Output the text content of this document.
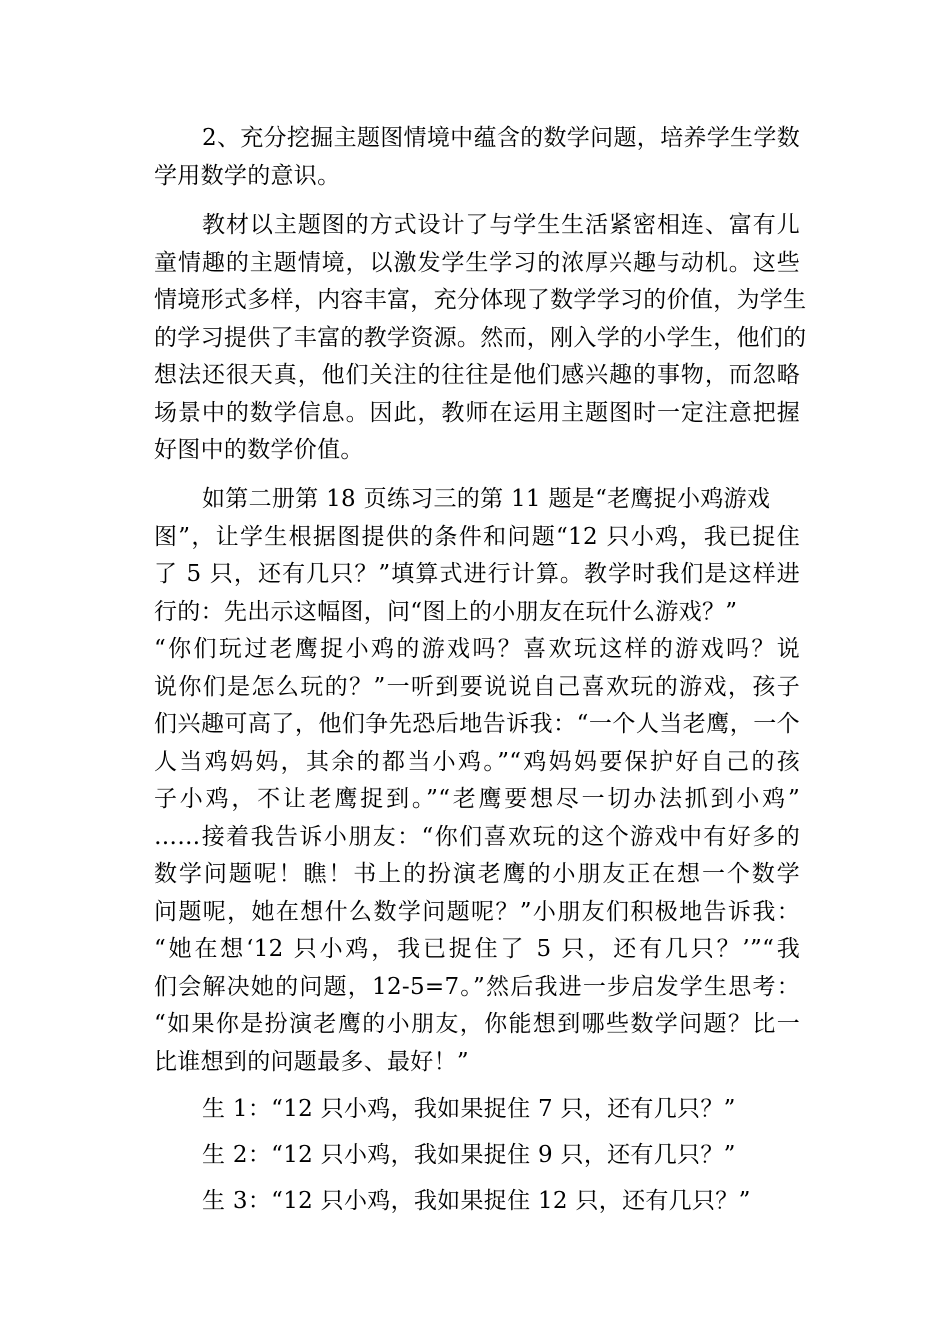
2、充分挖掘主题图情境中蕴含的数学问题，培养学生学数
学用数学的意识。
教材以主题图的方式设计了与学生生活紧密相连、富有儿
童情趣的主题情境，以激发学生学习的浓厚兴趣与动机。这些
情境形式多样，内容丰富，充分体现了数学学习的价值，为学生
的学习提供了丰富的教学资源。然而，刚入学的小学生，他们的
想法还很天真，他们关注的往往是他们感兴趣的事物，而忽略
场景中的数学信息。因此，教师在运用主题图时一定注意把握
好图中的数学价值。
如第二册第 18 页练习三的第 11 题是“老鹰捉小鸡游戏
图”，让学生根据图提供的条件和问题“12 只小鸡，我已捉住
了 5 只，还有几只？”填算式进行计算。教学时我们是这样进
行的：先出示这幅图，问“图上的小朋友在玩什么游戏？”
“你们玩过老鹰捉小鸡的游戏吗？喜欢玩这样的游戏吗？说
说你们是怎么玩的？”一听到要说说自己喜欢玩的游戏，孩子
们兴趣可高了，他们争先恐后地告诉我：“一个人当老鹰，一个
人当鸡妈妈，其余的都当小鸡。”“鸡妈妈要保护好自己的孩
子小鸡，不让老鹰捉到。”“老鹰要想尽一切办法抓到小鸡”
……接着我告诉小朋友：“你们喜欢玩的这个游戏中有好多的
数学问题呢！瞧！书上的扮演老鹰的小朋友正在想一个数学
问题呢，她在想什么数学问题呢？”小朋友们积极地告诉我：
“她在想‘12 只小鸡，我已捉住了 5 只，还有几只？’”“我
们会解决她的问题，12-5=7。”然后我进一步启发学生思考：
“如果你是扮演老鹰的小朋友，你能想到哪些数学问题？比一
比谁想到的问题最多、最好！”
生 1：“12 只小鸡，我如果捉住 7 只，还有几只？”
生 2：“12 只小鸡，我如果捉住 9 只，还有几只？”
生 3：“12 只小鸡，我如果捉住 12 只，还有几只？”
